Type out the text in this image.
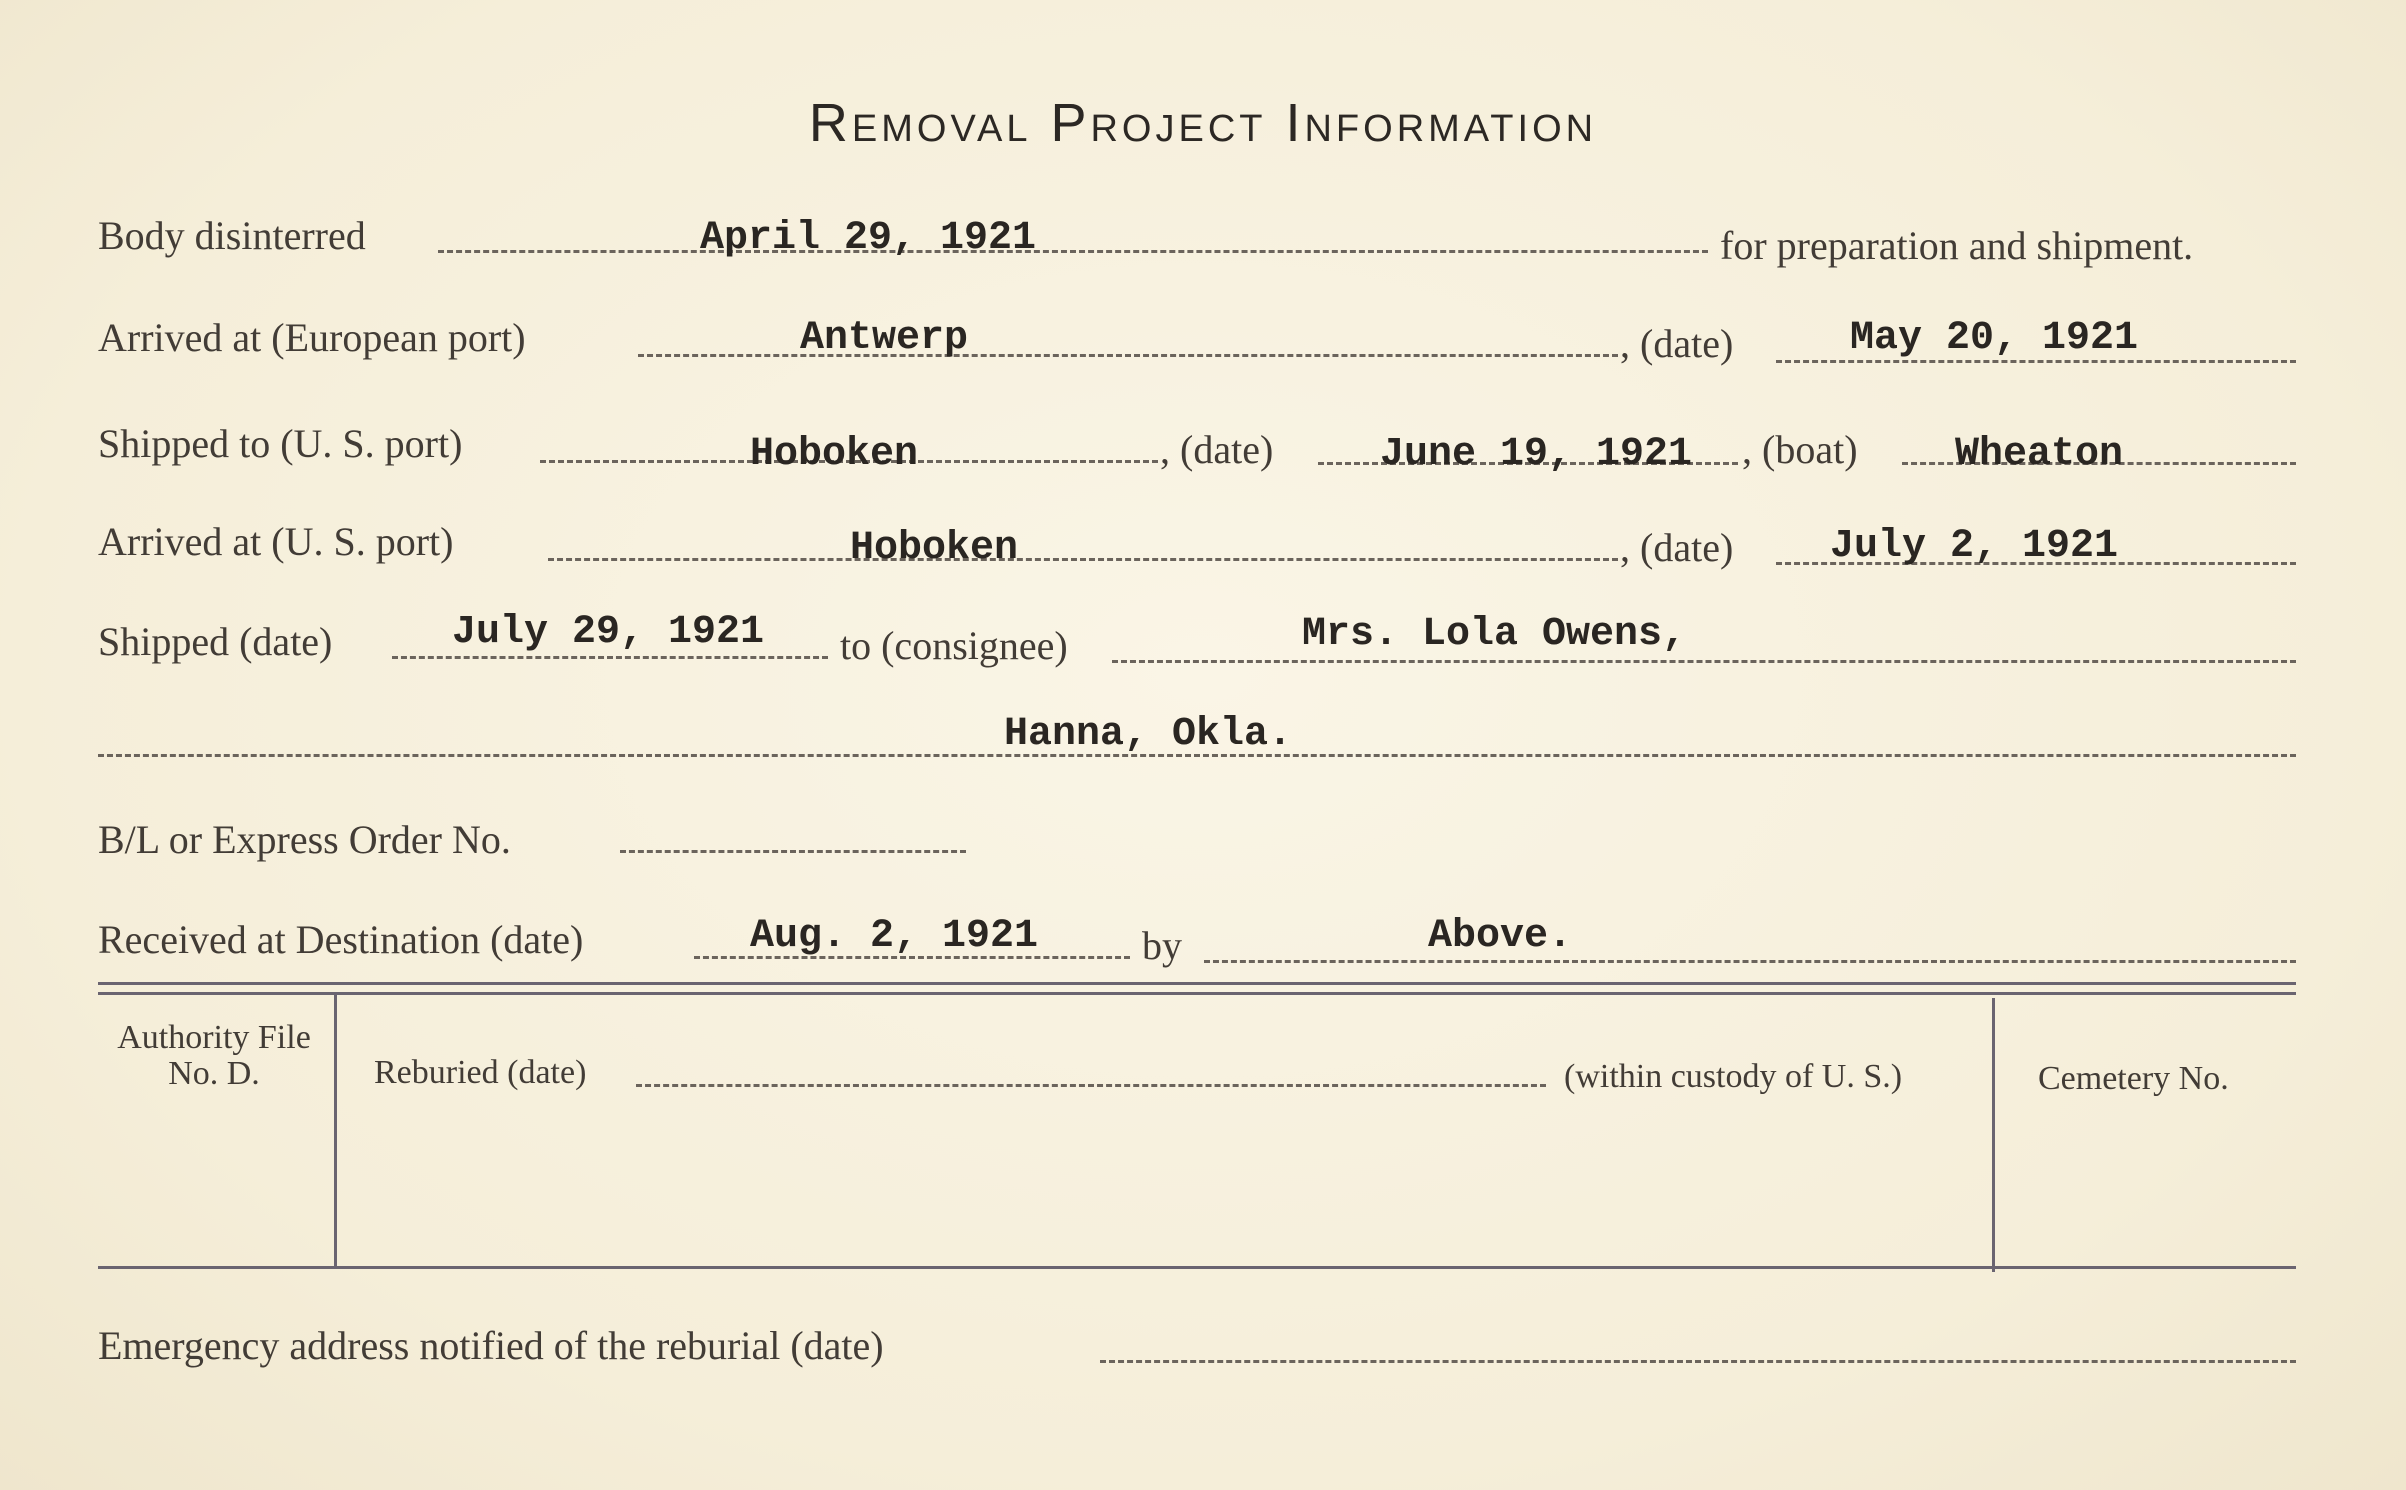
Removal Project Information
Body disinterred	April 29, 1921	for preparation and shipment.
Arrived at (European port)	Antwerp	, (date)	May 20, 1921
Shipped to (U. S. port)	Hoboken	, (date)	June 19, 1921 , (boat) Wheaton
Arrived at (U. S. port)	Hoboken	, (date) July 2, 1921
Shipped (date)	July 29, 1921 to (consignee)	Mrs. Lola Owens,
Hanna, Okla.
B/L or Express Order No.
Received at Destination (date)	Aug. 2, 1921	by	Above.
Authority File No. D.	Reburied (date)	(within custody of U. S.)	Cemetery No.
Emergency address notified of the reburial (date)
